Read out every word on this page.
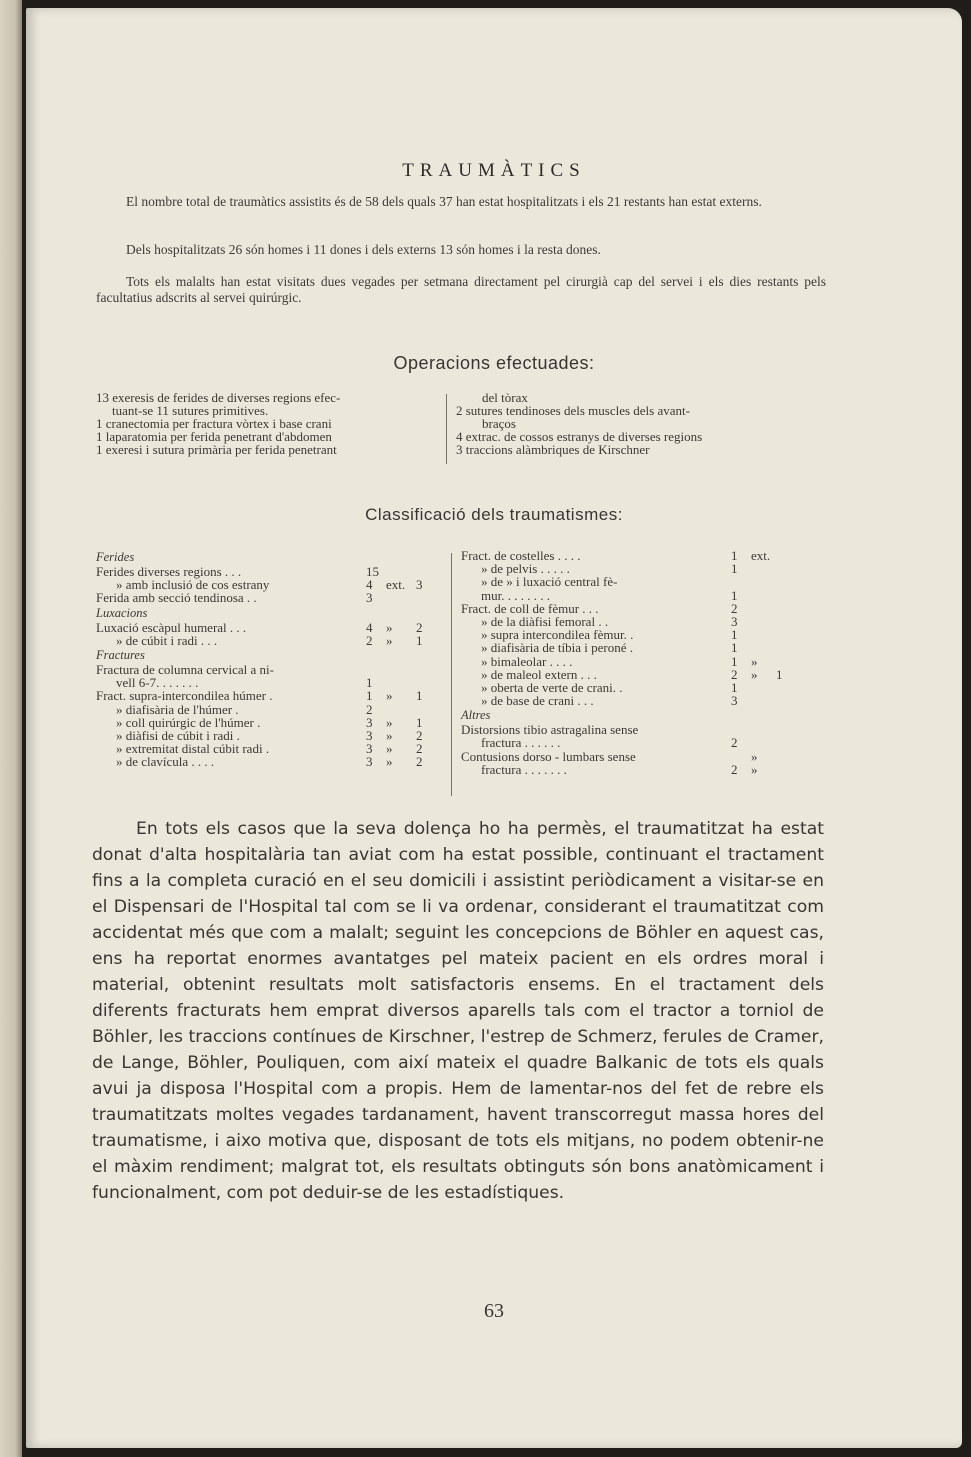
TRAUMÀTICS

El nombre total de traumàtics assistits és de 58 dels quals 37 han estat hospitalitzats i els 21 restants han estat externs.

Dels hospitalitzats 26 són homes i 11 dones i dels externs 13 són homes i la resta dones.

Tots els malalts han estat visitats dues vegades per setmana directament pel cirurgià cap del servei i els dies restants pels facultatius adscrits al servei quirúrgic.

Operacions efectuades:
13 exeresis de ferides de diverses regions efec-
tuant-se 11 sutures primitives.
1 cranectomia per fractura vòrtex i base crani
1 laparatomia per ferida penetrant d'abdomen
1 exeresi i sutura primària per ferida penetrant
del tòrax
2 sutures tendinoses dels muscles dels avant-
braços
4 extrac. de cossos estranys de diverses regions
3 traccions alàmbriques de Kirschner
Classificació dels traumatismes:
Ferides
Ferides diverses regions . . .	15
» amb inclusió de cos estrany	4 ext. 3
Ferida amb secció tendinosa . .	3
Luxacions
Luxació escàpul humeral . . .	4 » 2
» de cúbit i radi . . .	2 » 1
Fractures
Fractura de columna cervical a ni-
vell 6-7. . . . . . .	1
Fract. supra-intercondilea húmer .	1 » 1
» diafisària de l'húmer .	2
» coll quirúrgic de l'húmer .	3 » 1
» diàfisi de cúbit i radi .	3 » 2
» extremitat distal cúbit radi .	3 » 2
» de clavícula . . . .	3 » 2
Fract. de costelles . . . .	1 ext.
» de pelvis . . . . .	1
» de » i luxació central fè-
mur. . . . . . . .	1
Fract. de coll de fèmur . . .	2
» de la diàfisi femoral . .	3
» supra intercondilea fèmur. .	1
» diafisària de tíbia i peroné .	1
» bimaleolar . . . .	1 »
» de maleol extern . . .	2 » 1
» oberta de verte de crani. .	1
» de base de crani . . .	3
Altres
Distorsions tibio astragalina sense
fractura . . . . . .	2
Contusions dorso - lumbars sense	»
fractura . . . . . . .	2 »

En tots els casos que la seva dolença ho ha permès, el traumatitzat ha estat donat d'alta hospitalària tan aviat com ha estat possible, continuant el tractament fins a la completa curació en el seu domicili i assistint periòdicament a visitar-se en el Dispensari de l'Hospital tal com se li va ordenar, considerant el traumatitzat com accidentat més que com a malalt; seguint les concepcions de Böhler en aquest cas, ens ha reportat enormes avantatges pel mateix pacient en els ordres moral i material, obtenint resultats molt satisfactoris ensems. En el tractament dels diferents fracturats hem emprat diversos aparells tals com el tractor a torniol de Böhler, les traccions contínues de Kirschner, l'estrep de Schmerz, ferules de Cramer, de Lange, Böhler, Pouliquen, com així mateix el quadre Balkanic de tots els quals avui ja disposa l'Hospital com a propis. Hem de lamentar-nos del fet de rebre els traumatitzats moltes vegades tardanament, havent transcorregut massa hores del traumatisme, i aixo motiva que, disposant de tots els mitjans, no podem obtenir-ne el màxim rendiment; malgrat tot, els resultats obtinguts són bons anatòmicament i funcionalment, com pot deduir-se de les estadístiques.

63
